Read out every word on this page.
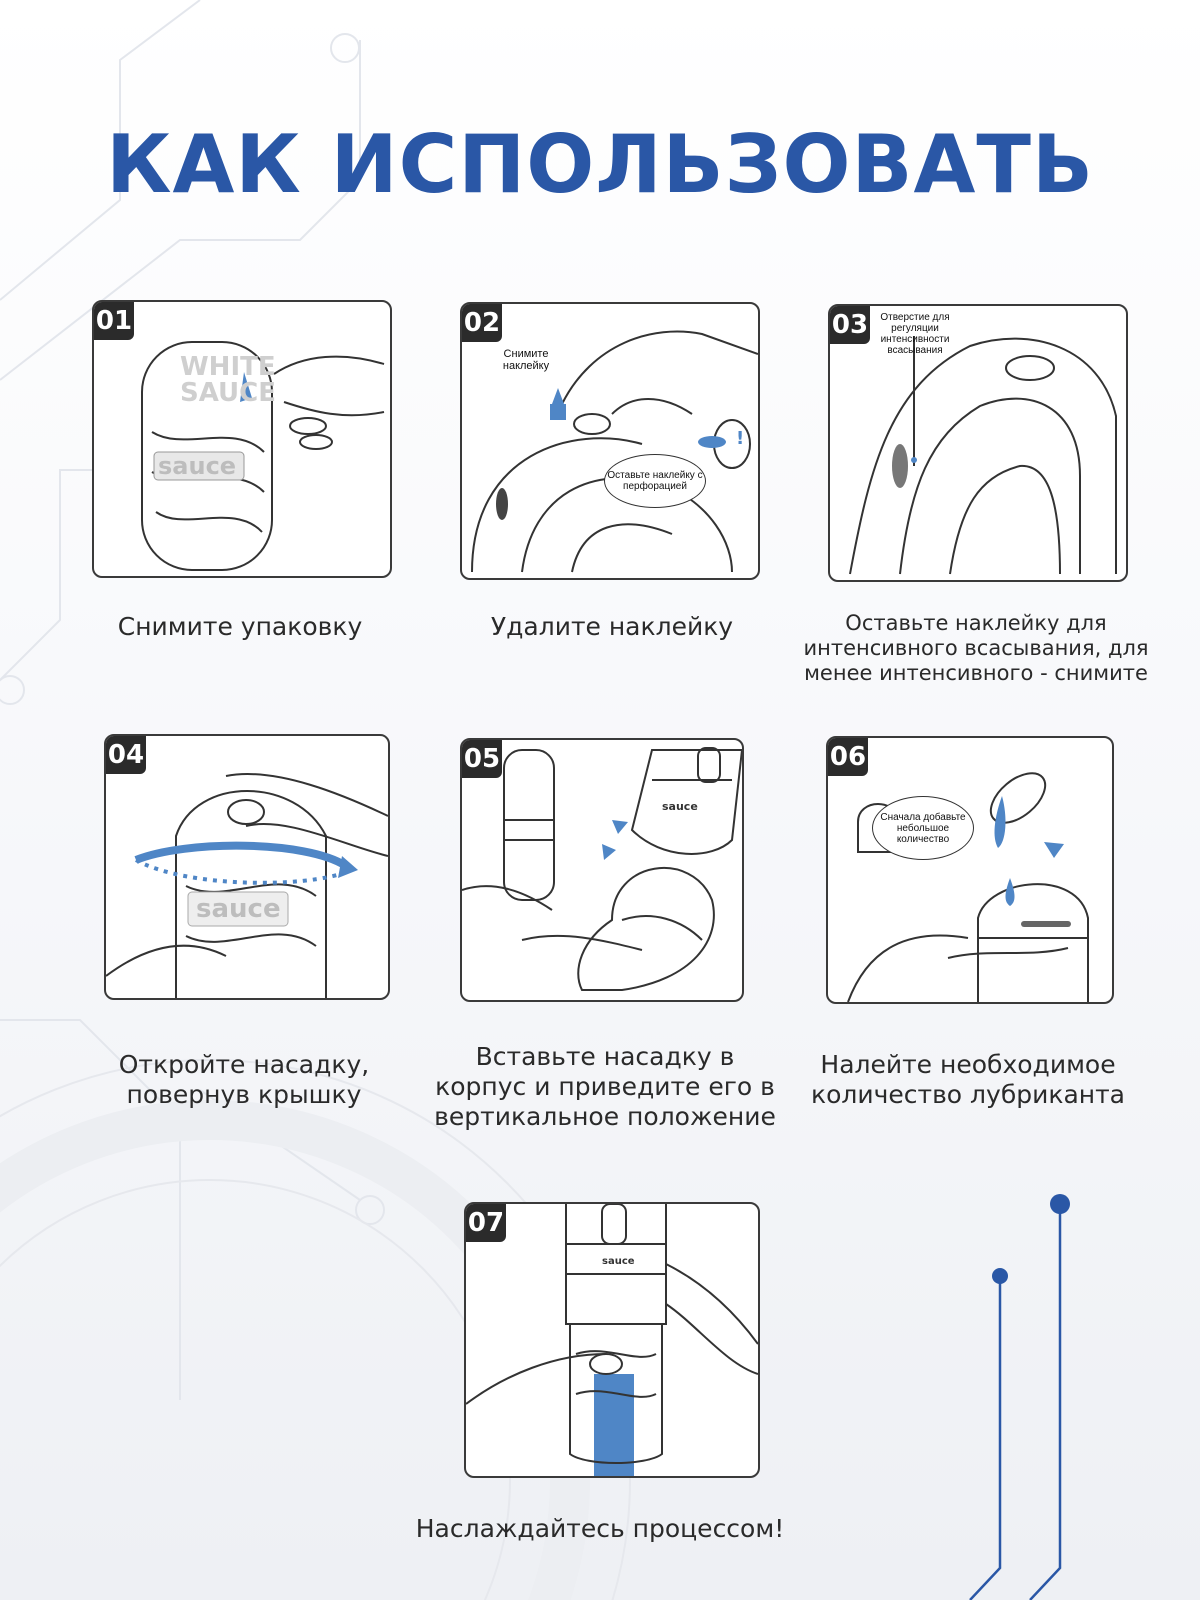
КАК ИСПОЛЬЗОВАТЬ
WHITE
SAUCE
sauce
01
Снимите упаковку
!
Снимите наклейку
Оставьте наклейку с перфорацией
02
Удалите наклейку
Отверстие для регуляции интенсивности всасывания
03
Оставьте наклейку для интенсивного всасывания, для менее интенсивного - снимите
sauce
04
Откройте насадку, повернув крышку
sauce
05
Вставьте насадку в корпус и приведите его в вертикальное положение
Сначала добавьте небольшое количество
06
Налейте необходимое количество лубриканта
sauce
07
Наслаждайтесь процессом!
